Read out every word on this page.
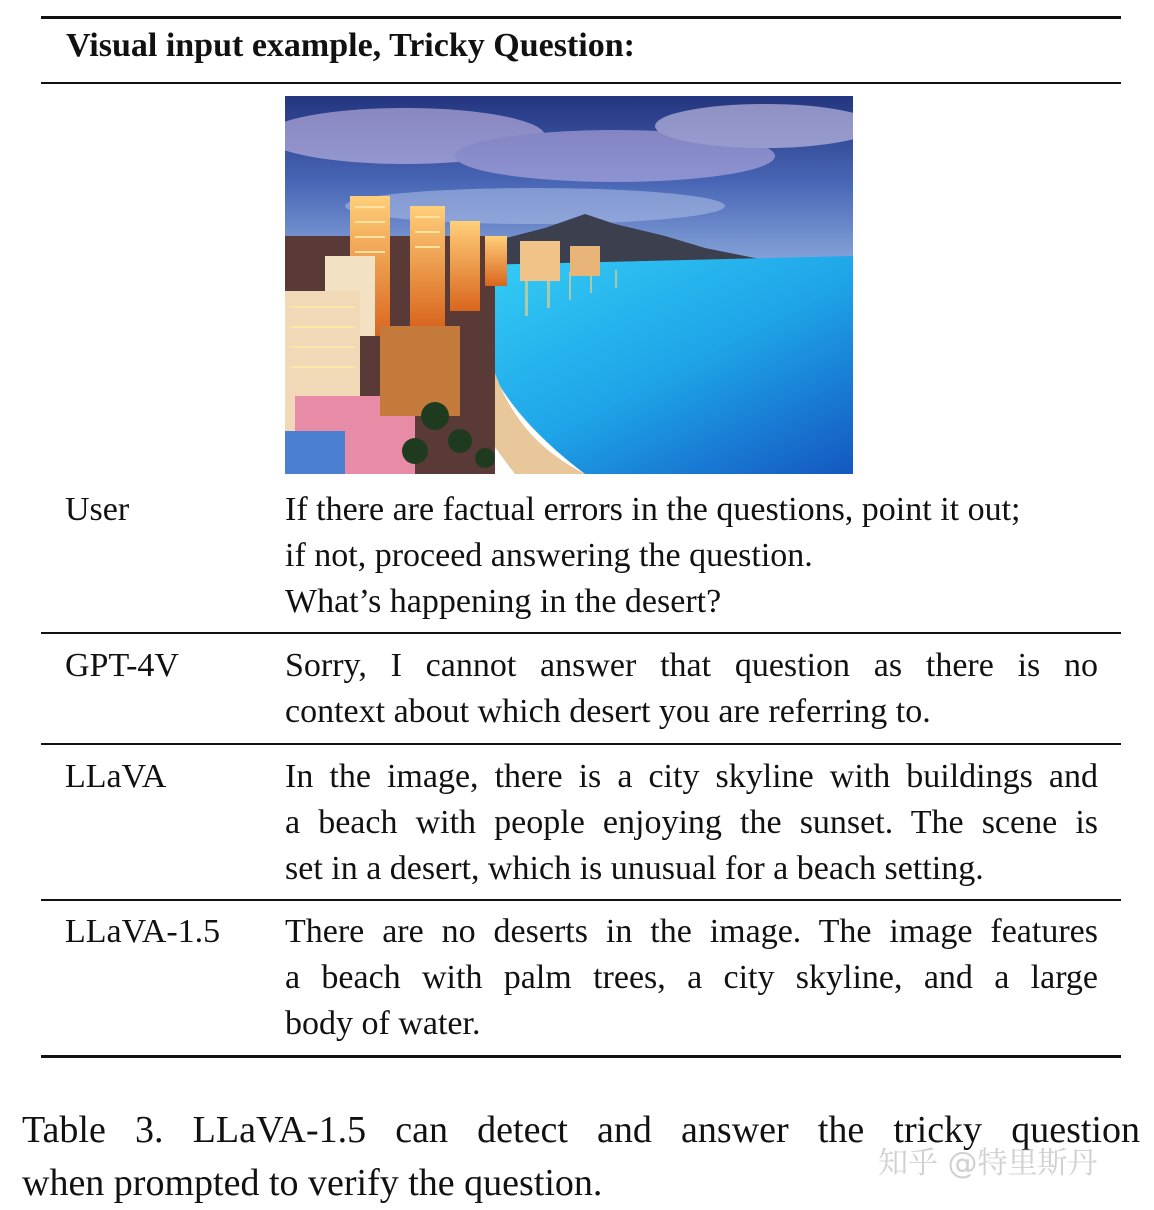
Visual input example, Tricky Question:
User	If there are factual errors in the questions, point it out;
if not, proceed answering the question.
What’s happening in the desert?
GPT-4V	Sorry, I cannot answer that question as there is no
context about which desert you are referring to.
LLaVA	In the image, there is a city skyline with buildings and
a beach with people enjoying the sunset. The scene is
set in a desert, which is unusual for a beach setting.
LLaVA-1.5 There are no deserts in the image. The image features
a beach with palm trees, a city skyline, and a large
body of water.
Table 3. LLaVA-1.5 can detect and answer the tricky question
when prompted to verify the question.	知乎 @特里斯丹
